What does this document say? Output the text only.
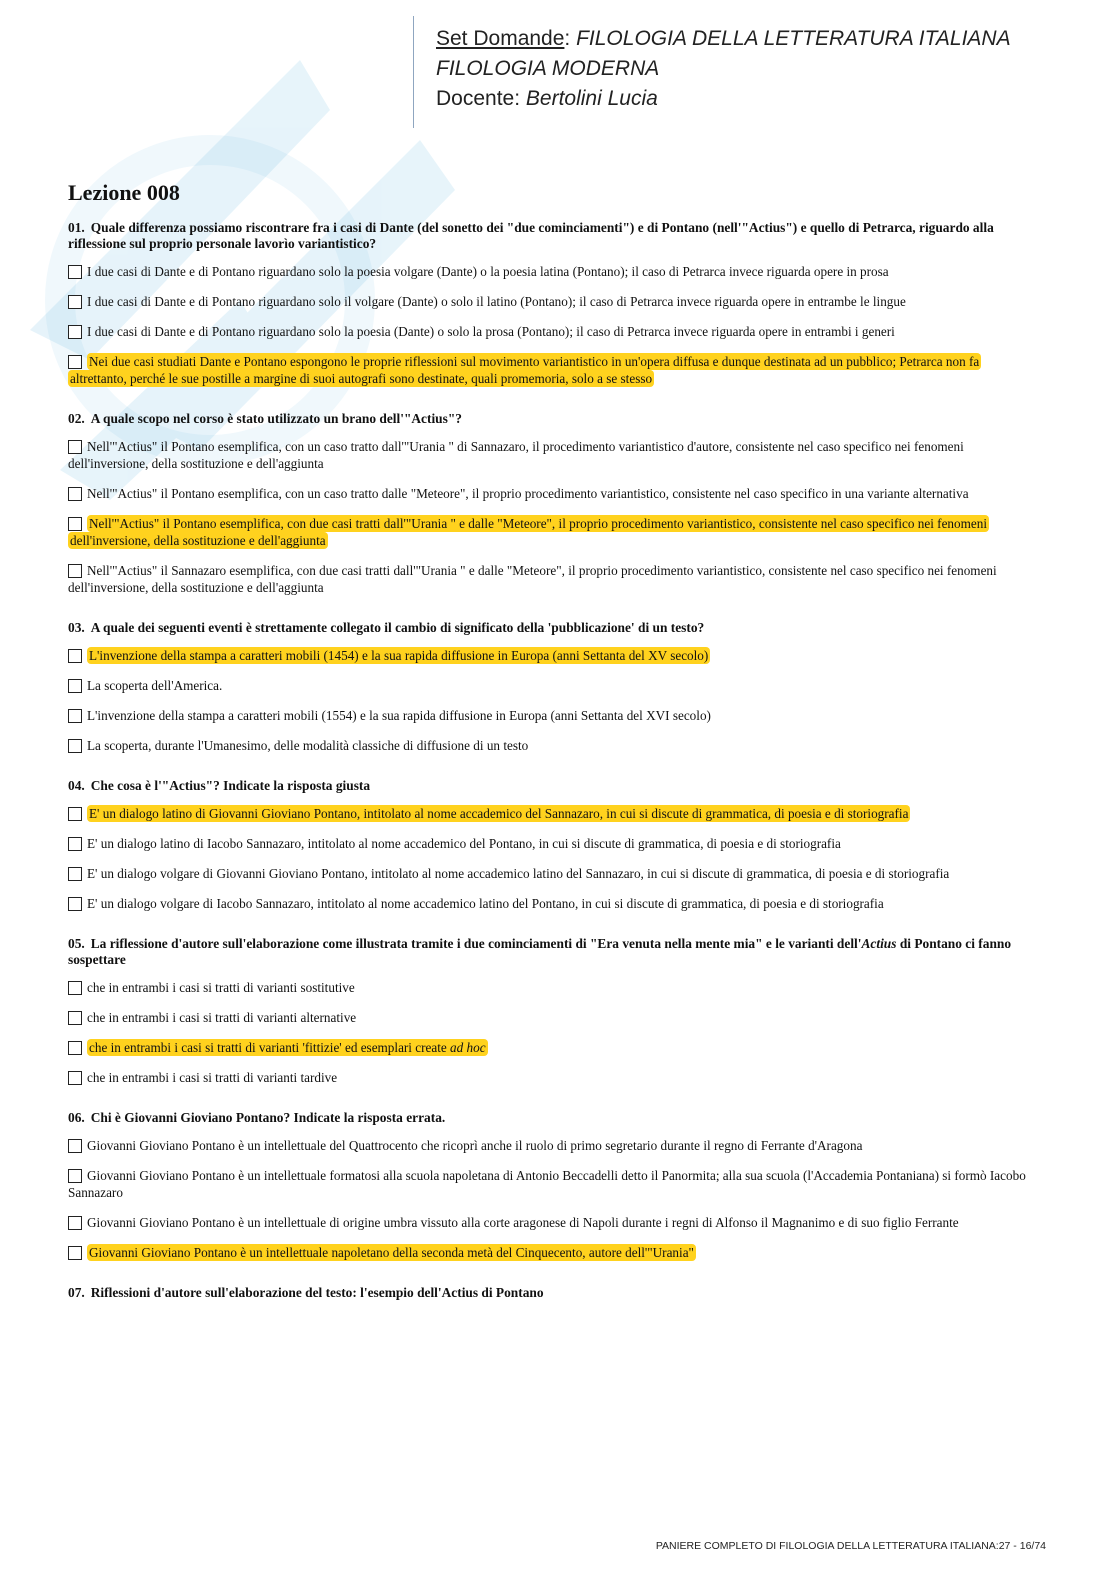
Set Domande: FILOLOGIA DELLA LETTERATURA ITALIANA
FILOLOGIA MODERNA
Docente: Bertolini Lucia
Lezione 008

01. Quale differenza possiamo riscontrare fra i casi di Dante (del sonetto dei "due cominciamenti") e di Pontano (nell'"Actius") e quello di Petrarca, riguardo alla riflessione sul proprio personale lavorìo variantistico?

I due casi di Dante e di Pontano riguardano solo la poesia volgare (Dante) o la poesia latina (Pontano); il caso di Petrarca invece riguarda opere in prosa

I due casi di Dante e di Pontano riguardano solo il volgare (Dante) o solo il latino (Pontano); il caso di Petrarca invece riguarda opere in entrambe le lingue

I due casi di Dante e di Pontano riguardano solo la poesia (Dante) o solo la prosa (Pontano); il caso di Petrarca invece riguarda opere in entrambi i generi

Nei due casi studiati Dante e Pontano espongono le proprie riflessioni sul movimento variantistico in un'opera diffusa e dunque destinata ad un pubblico; Petrarca non fa altrettanto, perché le sue postille a margine di suoi autografi sono destinate, quali promemoria, solo a se stesso

02. A quale scopo nel corso è stato utilizzato un brano dell'"Actius"?

Nell'"Actius" il Pontano esemplifica, con un caso tratto dall'"Urania " di Sannazaro, il procedimento variantistico d'autore, consistente nel caso specifico nei fenomeni dell'inversione, della sostituzione e dell'aggiunta

Nell'"Actius" il Pontano esemplifica, con un caso tratto dalle "Meteore", il proprio procedimento variantistico, consistente nel caso specifico in una variante alternativa

Nell'"Actius" il Pontano esemplifica, con due casi tratti dall'"Urania " e dalle "Meteore", il proprio procedimento variantistico, consistente nel caso specifico nei fenomeni dell'inversione, della sostituzione e dell'aggiunta

Nell'"Actius" il Sannazaro esemplifica, con due casi tratti dall'"Urania " e dalle "Meteore", il proprio procedimento variantistico, consistente nel caso specifico nei fenomeni dell'inversione, della sostituzione e dell'aggiunta

03. A quale dei seguenti eventi è strettamente collegato il cambio di significato della 'pubblicazione' di un testo?

L'invenzione della stampa a caratteri mobili (1454) e la sua rapida diffusione in Europa (anni Settanta del XV secolo)

La scoperta dell'America.

L'invenzione della stampa a caratteri mobili (1554) e la sua rapida diffusione in Europa (anni Settanta del XVI secolo)

La scoperta, durante l'Umanesimo, delle modalità classiche di diffusione di un testo

04. Che cosa è l'"Actius"? Indicate la risposta giusta

E' un dialogo latino di Giovanni Gioviano Pontano, intitolato al nome accademico del Sannazaro, in cui si discute di grammatica, di poesia e di storiografia

E' un dialogo latino di Iacobo Sannazaro, intitolato al nome accademico del Pontano, in cui si discute di grammatica, di poesia e di storiografia

E' un dialogo volgare di Giovanni Gioviano Pontano, intitolato al nome accademico latino del Sannazaro, in cui si discute di grammatica, di poesia e di storiografia

E' un dialogo volgare di Iacobo Sannazaro, intitolato al nome accademico latino del Pontano, in cui si discute di grammatica, di poesia e di storiografia

05. La riflessione d'autore sull'elaborazione come illustrata tramite i due cominciamenti di "Era venuta nella mente mia" e le varianti dell'Actius di Pontano ci fanno sospettare

che in entrambi i casi si tratti di varianti sostitutive

che in entrambi i casi si tratti di varianti alternative

che in entrambi i casi si tratti di varianti 'fittizie' ed esemplari create ad hoc

che in entrambi i casi si tratti di varianti tardive

06. Chi è Giovanni Gioviano Pontano? Indicate la risposta errata.

Giovanni Gioviano Pontano è un intellettuale del Quattrocento che ricoprì anche il ruolo di primo segretario durante il regno di Ferrante d'Aragona

Giovanni Gioviano Pontano è un intellettuale formatosi alla scuola napoletana di Antonio Beccadelli detto il Panormita; alla sua scuola (l'Accademia Pontaniana) si formò Iacobo Sannazaro

Giovanni Gioviano Pontano è un intellettuale di origine umbra vissuto alla corte aragonese di Napoli durante i regni di Alfonso il Magnanimo e di suo figlio Ferrante

Giovanni Gioviano Pontano è un intellettuale napoletano della seconda metà del Cinquecento, autore dell'"Urania"

07. Riflessioni d'autore sull'elaborazione del testo: l'esempio dell'Actius di Pontano

PANIERE COMPLETO DI FILOLOGIA DELLA LETTERATURA ITALIANA:27 - 16/74
